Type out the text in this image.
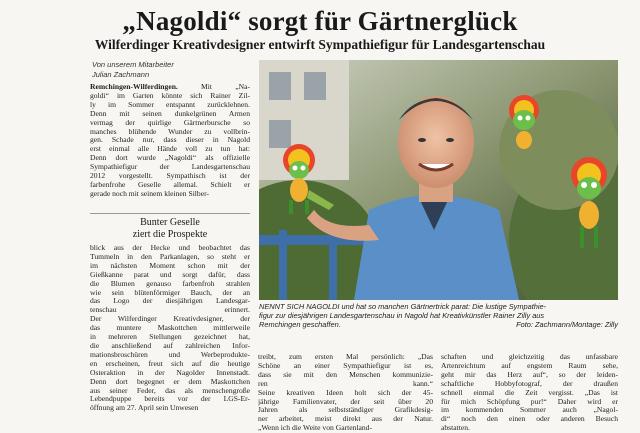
„Nagoldi“ sorgt für Gärtnerglück
Wilferdinger Kreativdesigner entwirft Sympathiefigur für Landesgartenschau
Von unserem Mitarbeiter
Julian Zachmann
Remchingen-Wilferdingen. Mit „Na-
goldi“ im Garten könnte sich Rainer Zil-
ly im Sommer entspannt zurücklehnen.
Denn mit seinen dunkelgrünen Armen
vermag der quirlige Gärtnerbursche so
manches blühende Wunder zu vollbrin-
gen. Schade nur, dass dieser in Nagold
erst einmal alle Hände voll zu tun hat:
Denn dort wurde „Nagoldi“ als offizielle
Sympathiefigur der Landesgartenschau
2012 vorgestellt. Sympathisch ist der
farbenfrohe Geselle allemal. Schielt er
gerade noch mit seinem kleinen Silber-
Bunter Geselle
ziert die Prospekte
blick aus der Hecke und beobachtet das
Tummeln in den Parkanlagen, so steht er
im nächsten Moment schon mit der
Gießkanne parat und sorgt dafür, dass
die Blumen genauso farbenfroh strahlen
wie sein blütenförmiger Bauch, der an
das Logo der diesjährigen Landesgar-
tenschau erinnert.
Der Wilferdinger Kreativdesigner, der
das muntere Maskottchen mittlerweile
in mehreren Stellungen gezeichnet hat,
die anschließend auf zahlreichen Infor-
mationsbroschüren und Werbeprodukte-
en erscheinen, freut sich auf die heutige
Osteraktion in der Nagolder Innenstadt.
Denn dort begegnet er dem Maskottchen
aus seiner Feder, das als menschengroße
Lebendpuppe bereits vor der LGS-Er-
öffnung am 27. April sein Unwesen
NENNT SICH NAGOLDI und hat so manchen Gärtnertrick parat: Die lustige Sympathie-
figur zur diesjährigen Landesgartenschau in Nagold hat Kreativkünstler Rainer Zilly aus
Remchingen geschaffen.	Foto: Zachmann/Montage: Zilly
treibt, zum ersten Mal persönlich: „Das
Schöne an einer Sympathiefigur ist es,
dass sie mit den Menschen kommunizie-
ren kann.“
Seine kreativen Ideen holt sich der 45-
jährige Familienvater, der seit über 20
Jahren als selbstständiger Grafikdesig-
ner arbeitet, meist direkt aus der Natur.
„Wenn ich die Weite von Gartenland-
schaften und gleichzeitig das unfassbare
Artenreichtum auf engstem Raum sehe,
geht mir das Herz auf“, so der leiden-
schaftliche Hobbyfotograf, der draußen
schnell einmal die Zeit vergisst. „Das ist
für mich Schöpfung pur!“ Daher wird er
im kommenden Sommer auch „Nagol-
di“ noch den einen oder anderen Besuch
abstatten.
